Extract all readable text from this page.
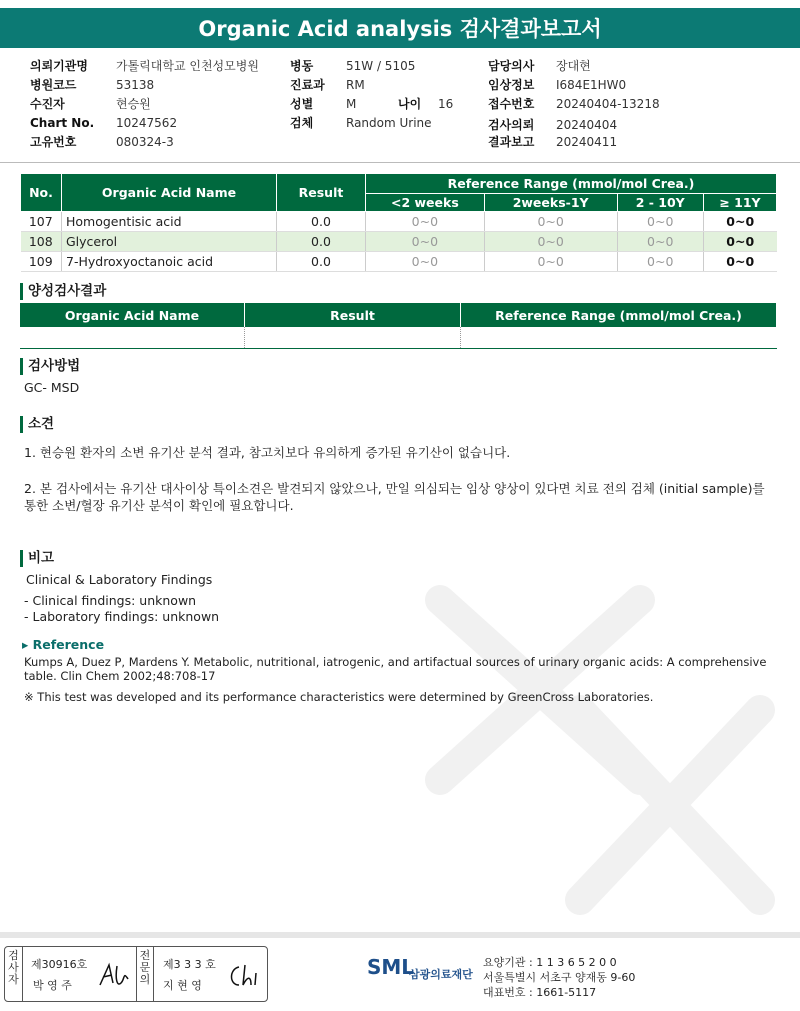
Organic Acid analysis 검사결과보고서
의뢰기관명 가톨릭대학교 인천성모병원
병원코드	53138
수진자	현승원
Chart No. 10247562
고유번호	080324-3
병동	51W / 5105
진료과 RM
성별	M	나이 16
검체	Random Urine
담당의사 장대현
임상정보 I684E1HW0
접수번호 20240404-13218
검사의뢰 20240404
결과보고 20240411
No.	Organic Acid Name	Result	Reference Range (mmol/mol Crea.)			
			<2 weeks	2weeks-1Y	2 - 10Y	≥ 11Y
107	Homogentisic acid	0.0	0~0	0~0	0~0	0~0
108	Glycerol	0.0	0~0	0~0	0~0	0~0
109	7-Hydroxyoctanoic acid	0.0	0~0	0~0	0~0	0~0
양성검사결과
Organic Acid Name	Result	Reference Range (mmol/mol Crea.)

검사방법
GC- MSD
소견
1. 현승원 환자의 소변 유기산 분석 결과, 참고치보다 유의하게 증가된 유기산이 없습니다.
2. 본 검사에서는 유기산 대사이상 특이소견은 발견되지 않았으나, 만일 의심되는 임상 양상이 있다면 치료 전의 검체 (initial sample)를
통한 소변/혈장 유기산 분석이 확인에 필요합니다.
비고
Clinical & Laboratory Findings
- Clinical findings: unknown
- Laboratory findings: unknown
▸ Reference
Kumps A, Duez P, Mardens Y. Metabolic, nutritional, iatrogenic, and artifactual sources of urinary organic acids: A comprehensive
table. Clin Chem 2002;48:708-17
※ This test was developed and its performance characteristics were determined by GreenCross Laboratories.
검사자
제30916호
박 영 주
전문의
제3 3 3 호
지 현 영
SML
삼광의료재단
요양기관 : 1 1 3 6 5 2 0 0
서울특별시 서초구 양재동 9-60
대표번호 : 1661-5117
